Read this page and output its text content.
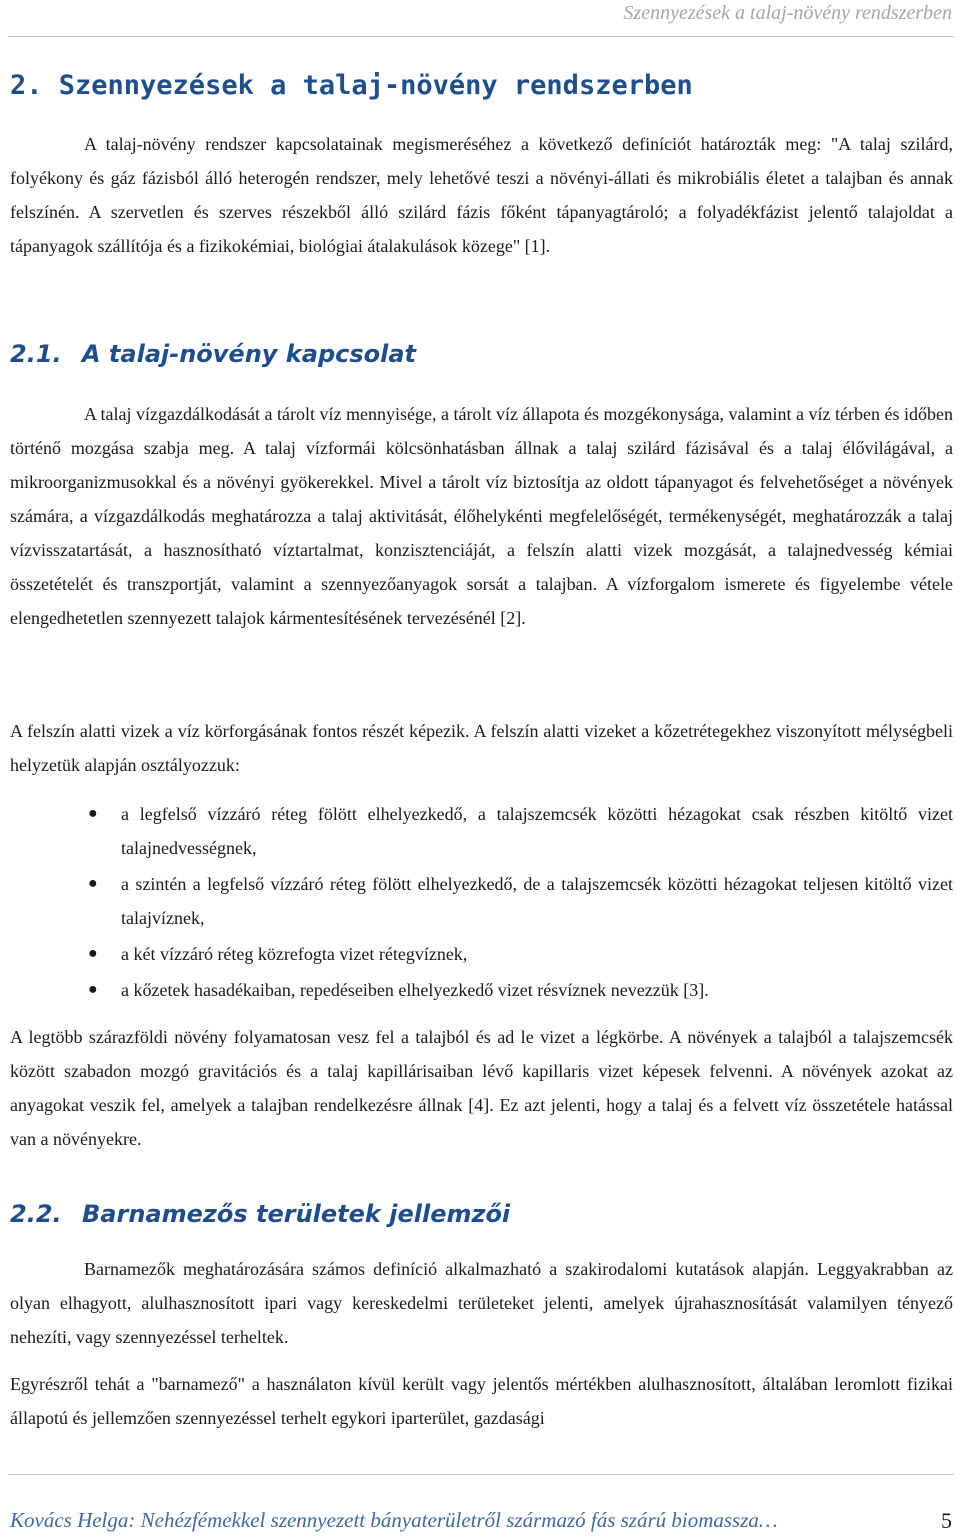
Szennyezések a talaj-növény rendszerben
2. Szennyezések a talaj-növény rendszerben

A talaj-növény rendszer kapcsolatainak megismeréséhez a következő definíciót határozták meg: "A talaj szilárd, folyékony és gáz fázisból álló heterogén rendszer, mely lehetővé teszi a növényi-állati és mikrobiális életet a talajban és annak felszínén. A szervetlen és szerves részekből álló szilárd fázis főként tápanyagtároló; a folyadékfázist jelentő talajoldat a tápanyagok szállítója és a fizikokémiai, biológiai átalakulások közege" [1].

2.1. A talaj-növény kapcsolat

A talaj vízgazdálkodását a tárolt víz mennyisége, a tárolt víz állapota és mozgékonysága, valamint a víz térben és időben történő mozgása szabja meg. A talaj vízformái kölcsönhatásban állnak a talaj szilárd fázisával és a talaj élővilágával, a mikroorganizmusokkal és a növényi gyökerekkel. Mivel a tárolt víz biztosítja az oldott tápanyagot és felvehetőséget a növények számára, a vízgazdálkodás meghatározza a talaj aktivitását, élőhelykénti megfelelőségét, termékenységét, meghatározzák a talaj vízvisszatartását, a hasznosítható víztartalmat, konzisztenciáját, a felszín alatti vizek mozgását, a talajnedvesség kémiai összetételét és transzportját, valamint a szennyezőanyagok sorsát a talajban. A vízforgalom ismerete és figyelembe vétele elengedhetetlen szennyezett talajok kármentesítésének tervezésénél [2].

A felszín alatti vizek a víz körforgásának fontos részét képezik. A felszín alatti vizeket a kőzetrétegekhez viszonyított mélységbeli helyzetük alapján osztályozzuk:

● a legfelső vízzáró réteg fölött elhelyezkedő, a talajszemcsék közötti hézagokat csak részben kitöltő vizet talajnedvességnek,
● a szintén a legfelső vízzáró réteg fölött elhelyezkedő, de a talajszemcsék közötti hézagokat teljesen kitöltő vizet talajvíznek,
● a két vízzáró réteg közrefogta vizet rétegvíznek,
● a kőzetek hasadékaiban, repedéseiben elhelyezkedő vizet résvíznek nevezzük [3].

A legtöbb szárazföldi növény folyamatosan vesz fel a talajból és ad le vizet a légkörbe. A növények a talajból a talajszemcsék között szabadon mozgó gravitációs és a talaj kapillárisaiban lévő kapillaris vizet képesek felvenni. A növények azokat az anyagokat veszik fel, amelyek a talajban rendelkezésre állnak [4]. Ez azt jelenti, hogy a talaj és a felvett víz összetétele hatással van a növényekre.

2.2. Barnamezős területek jellemzői

Barnamezők meghatározására számos definíció alkalmazható a szakirodalomi kutatások alapján. Leggyakrabban az olyan elhagyott, alulhasznosított ipari vagy kereskedelmi területeket jelenti, amelyek újrahasznosítását valamilyen tényező nehezíti, vagy szennyezéssel terheltek.

Egyrészről tehát a "barnamező" a használaton kívül került vagy jelentős mértékben alulhasznosított, általában leromlott fizikai állapotú és jellemzően szennyezéssel terhelt egykori iparterület, gazdasági

Kovács Helga: Nehézfémekkel szennyezett bányaterületről származó fás szárú biomassza…	5
